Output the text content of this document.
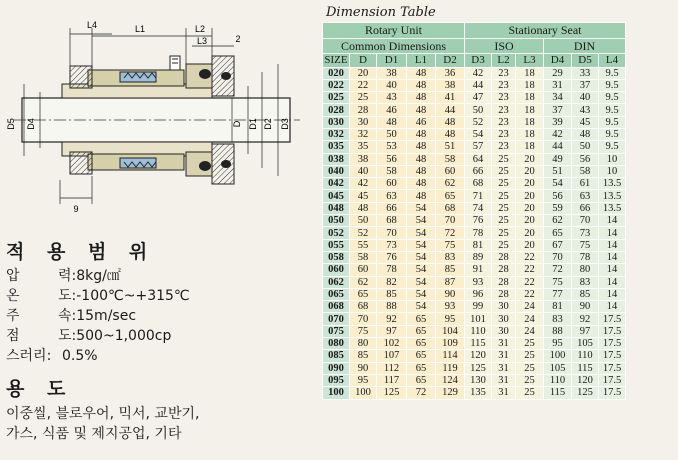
L4	L1	L2
L3	2
D5 D4	D D1 D2 D3
9
적 용 범 위
압 력:8kg/㎠
온 도:-100℃~+315℃
주 속:15m/sec
점 도:500~1,000cp
스러리: 0.5%
용 도
이중씰, 블로우어, 믹서, 교반기,
가스, 식품 및 제지공업, 기타
Dimension Table
Rotary Unit					Stationary Seat					
Common Dimensions					ISO			DIN		
SIZE	D	D1	L1	D2	D3	L2	L3	D4	D5	L4
020	20	38	48	36	42	23	18	29	33	9.5
022	22	40	48	38	44	23	18	31	37	9.5
025	25	43	48	41	47	23	18	34	40	9.5
028	28	46	48	44	50	23	18	37	43	9.5
030	30	48	46	48	52	23	18	39	45	9.5
032	32	50	48	48	54	23	18	42	48	9.5
035	35	53	48	51	57	23	18	44	50	9.5
038	38	56	48	58	64	25	20	49	56	10
040	40	58	48	60	66	25	20	51	58	10
042	42	60	48	62	68	25	20	54	61	13.5
045	45	63	48	65	71	25	20	56	63	13.5
048	48	66	54	68	74	25	20	59	66	13.5
050	50	68	54	70	76	25	20	62	70	14
052	52	70	54	72	78	25	20	65	73	14
055	55	73	54	75	81	25	20	67	75	14
058	58	76	54	83	89	28	22	70	78	14
060	60	78	54	85	91	28	22	72	80	14
062	62	82	54	87	93	28	22	75	83	14
065	65	85	54	90	96	28	22	77	85	14
068	68	88	54	93	99	30	24	81	90	14
070	70	92	65	95	101	30	24	83	92	17.5
075	75	97	65	104	110	30	24	88	97	17.5
080	80	102	65	109	115	31	25	95	105	17.5
085	85	107	65	114	120	31	25	100	110	17.5
090	90	112	65	119	125	31	25	105	115	17.5
095	95	117	65	124	130	31	25	110	120	17.5
100	100	125	72	129	135	31	25	115	125	17.5
